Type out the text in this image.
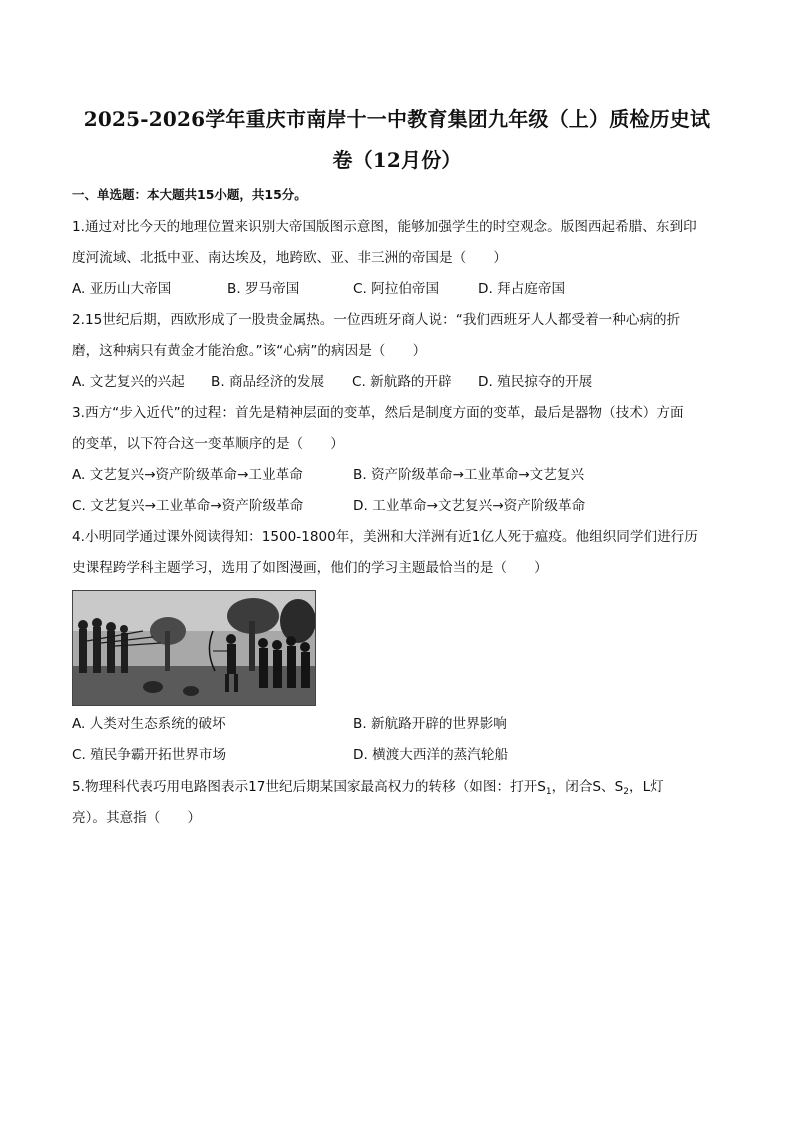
2025-2026学年重庆市南岸十一中教育集团九年级（上）质检历史试
卷（12月份）
一、单选题：本大题共15小题，共15分。
1.通过对比今天的地理位置来识别大帝国版图示意图，能够加强学生的时空观念。版图西起希腊、东到印
度河流域、北抵中亚、南达埃及，地跨欧、亚、非三洲的帝国是（　　）
A. 亚历山大帝国	B. 罗马帝国	C. 阿拉伯帝国	D. 拜占庭帝国
2.15世纪后期，西欧形成了一股贵金属热。一位西班牙商人说：“我们西班牙人人都受着一种心病的折
磨，这种病只有黄金才能治愈。”该“心病”的病因是（　　）
A. 文艺复兴的兴起 B. 商品经济的发展 C. 新航路的开辟 D. 殖民掠夺的开展
3.西方“步入近代”的过程：首先是精神层面的变革，然后是制度方面的变革，最后是器物（技术）方面
的变革，以下符合这一变革顺序的是（　　）
A. 文艺复兴→资产阶级革命→工业革命	B. 资产阶级革命→工业革命→文艺复兴
C. 文艺复兴→工业革命→资产阶级革命	D. 工业革命→文艺复兴→资产阶级革命
4.小明同学通过课外阅读得知：1500-1800年，美洲和大洋洲有近1亿人死于瘟疫。他组织同学们进行历
史课程跨学科主题学习，选用了如图漫画，他们的学习主题最恰当的是（　　）
A. 人类对生态系统的破坏	B. 新航路开辟的世界影响
C. 殖民争霸开拓世界市场	D. 横渡大西洋的蒸汽轮船
5.物理科代表巧用电路图表示17世纪后期某国家最高权力的转移（如图：打开$S_1$，闭合S、$S_2$，L灯
亮）。其意指（　　）
